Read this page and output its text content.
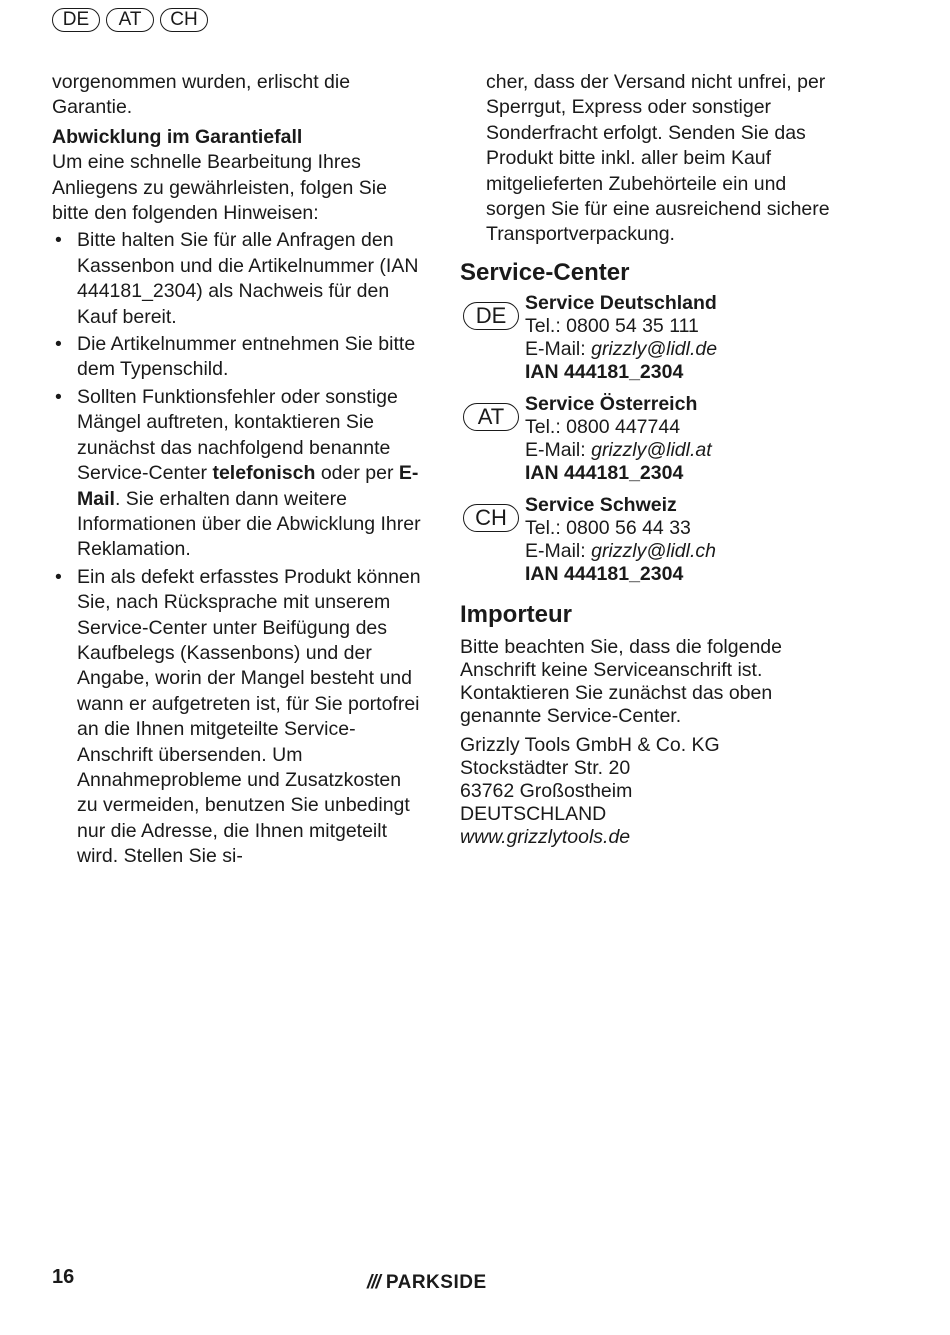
DE	AT	CH

vorgenommen wurden, erlischt die Garantie.

Abwicklung im Garantiefall

Um eine schnelle Bearbeitung Ihres Anliegens zu gewährleisten, folgen Sie bitte den folgenden Hinweisen:

• Bitte halten Sie für alle Anfragen den Kassenbon und die Artikelnummer (IAN 444181_2304) als Nachweis für den Kauf bereit.
• Die Artikelnummer entnehmen Sie bitte dem Typenschild.
• Sollten Funktionsfehler oder sonstige Mängel auftreten, kontaktieren Sie zunächst das nachfolgend benannte Service-Center telefonisch oder per E-Mail. Sie erhalten dann weitere Informationen über die Abwicklung Ihrer Reklamation.
• Ein als defekt erfasstes Produkt können Sie, nach Rücksprache mit unserem Service-Center unter Beifügung des Kaufbelegs (Kassenbons) und der Angabe, worin der Mangel besteht und wann er aufgetreten ist, für Sie portofrei an die Ihnen mitgeteilte Service-Anschrift übersenden. Um Annahmeprobleme und Zusatzkosten zu vermeiden, benutzen Sie unbedingt nur die Adresse, die Ihnen mitgeteilt wird. Stellen Sie si-

cher, dass der Versand nicht unfrei, per Sperrgut, Express oder sonstiger Sonderfracht erfolgt. Senden Sie das Produkt bitte inkl. aller beim Kauf mitgelieferten Zubehörteile ein und sorgen Sie für eine ausreichend sichere Transportverpackung.

Service-Center
DE Service Deutschland
Tel.: 0800 54 35 111
E-Mail: grizzly@lidl.de
IAN 444181_2304
AT	Service Österreich
Tel.: 0800 447744
E-Mail: grizzly@lidl.at
IAN 444181_2304
CH Service Schweiz
Tel.: 0800 56 44 33
E-Mail: grizzly@lidl.ch
IAN 444181_2304
Importeur

Bitte beachten Sie, dass die folgende Anschrift keine Serviceanschrift ist. Kontaktieren Sie zunächst das oben genannte Service-Center.

Grizzly Tools GmbH & Co. KG
Stockstädter Str. 20
63762 Großostheim
DEUTSCHLAND
www.grizzlytools.de
16	/// PARKSIDE
